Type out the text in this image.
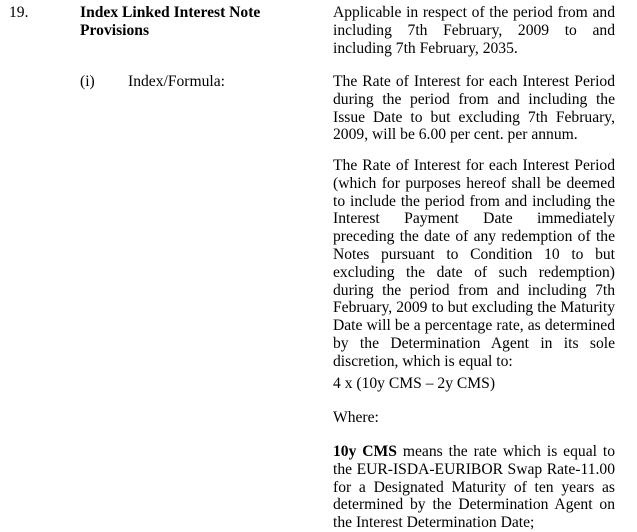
19.	Index Linked Interest Note Provisions
Applicable in respect of the period from and including 7th February, 2009 to and including 7th February, 2035.
(i) Index/Formula:	The Rate of Interest for each Interest Period during the period from and including the Issue Date to but excluding 7th February, 2009, will be 6.00 per cent. per annum.
The Rate of Interest for each Interest Period (which for purposes hereof shall be deemed to include the period from and including the Interest Payment Date immediately preceding the date of any redemption of the Notes pursuant to Condition 10 to but excluding the date of such redemption) during the period from and including 7th February, 2009 to but excluding the Maturity Date will be a percentage rate, as determined by the Determination Agent in its sole discretion, which is equal to:
4 x (10y CMS – 2y CMS)
Where:
10y CMS means the rate which is equal to the EUR-ISDA-EURIBOR Swap Rate-11.00 for a Designated Maturity of ten years as determined by the Determination Agent on the Interest Determination Date;
